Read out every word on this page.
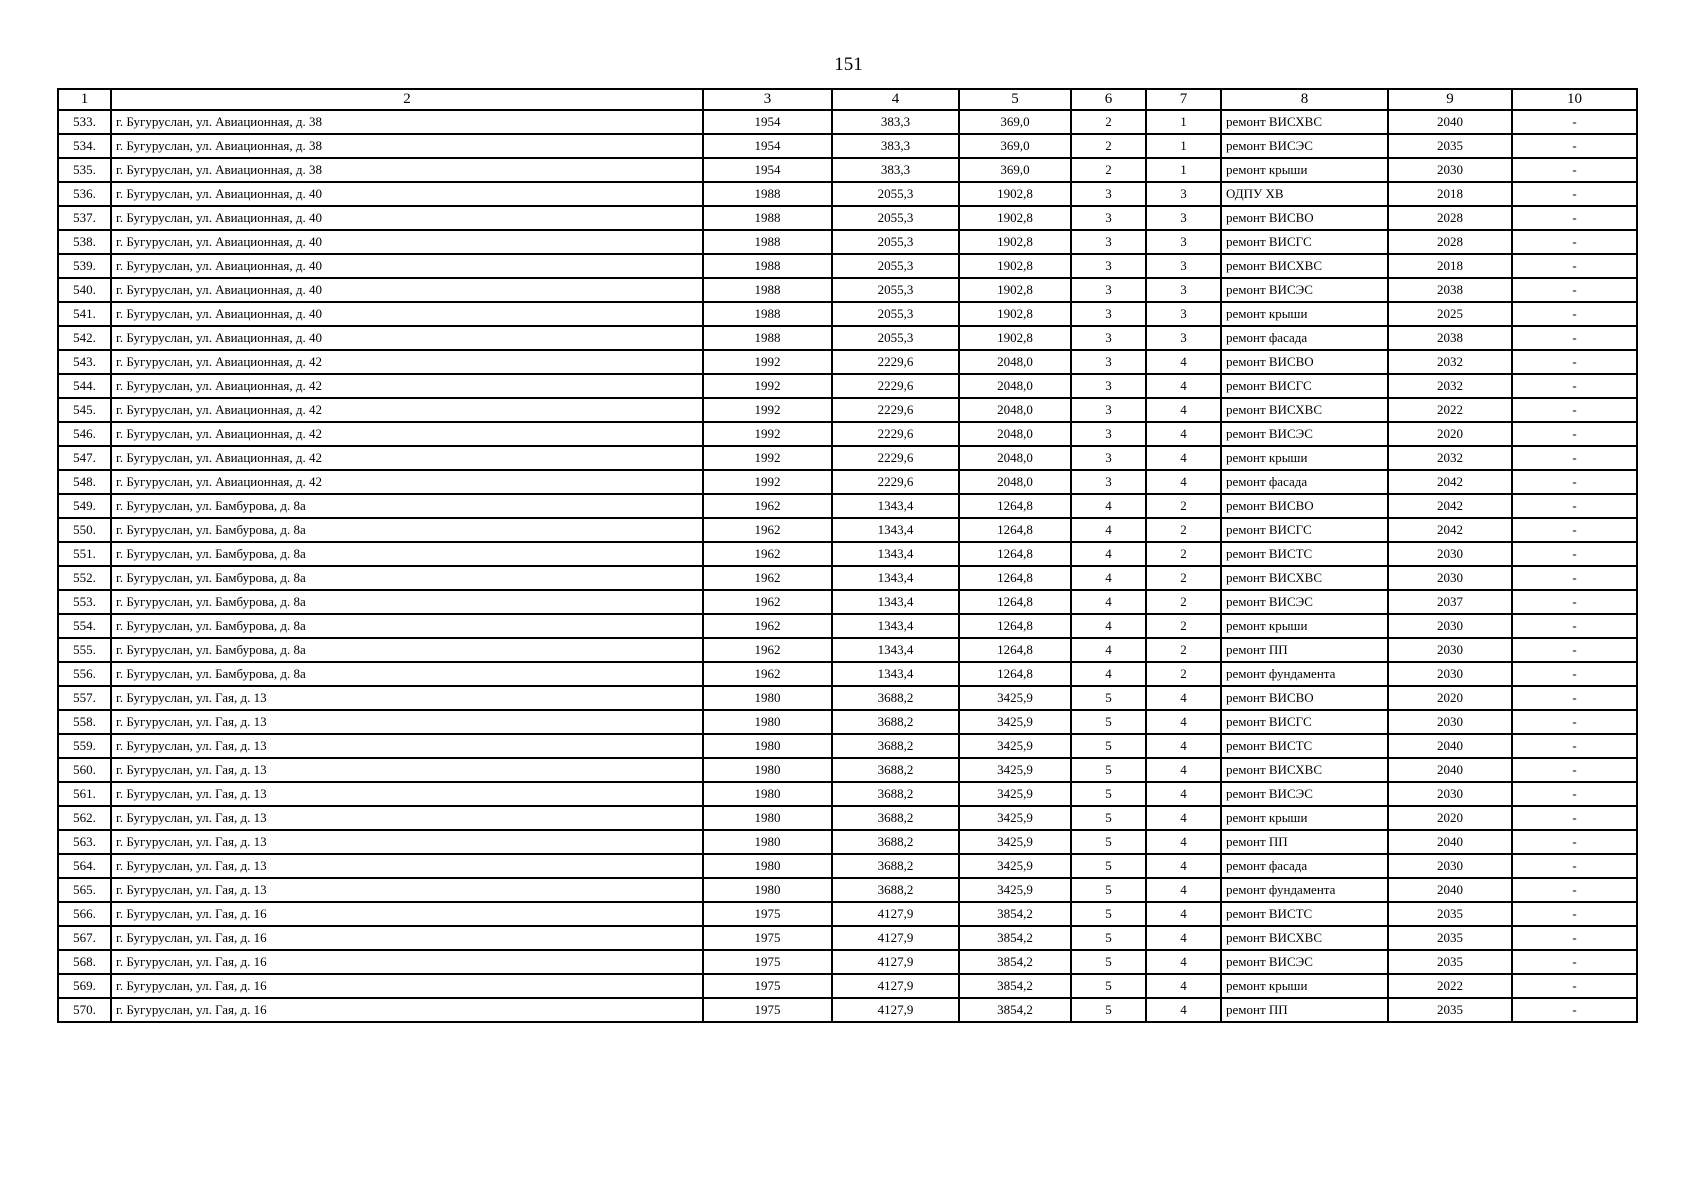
151
1	2	3	4	5	6	7	8	9	10
533.	г. Бугуруслан, ул. Авиационная, д. 38	1954	383,3	369,0	2	1	ремонт ВИСХВС	2040	-
534.	г. Бугуруслан, ул. Авиационная, д. 38	1954	383,3	369,0	2	1	ремонт ВИСЭС	2035	-
535.	г. Бугуруслан, ул. Авиационная, д. 38	1954	383,3	369,0	2	1	ремонт крыши	2030	-
536.	г. Бугуруслан, ул. Авиационная, д. 40	1988	2055,3	1902,8	3	3	ОДПУ ХВ	2018	-
537.	г. Бугуруслан, ул. Авиационная, д. 40	1988	2055,3	1902,8	3	3	ремонт ВИСВО	2028	-
538.	г. Бугуруслан, ул. Авиационная, д. 40	1988	2055,3	1902,8	3	3	ремонт ВИСГС	2028	-
539.	г. Бугуруслан, ул. Авиационная, д. 40	1988	2055,3	1902,8	3	3	ремонт ВИСХВС	2018	-
540.	г. Бугуруслан, ул. Авиационная, д. 40	1988	2055,3	1902,8	3	3	ремонт ВИСЭС	2038	-
541.	г. Бугуруслан, ул. Авиационная, д. 40	1988	2055,3	1902,8	3	3	ремонт крыши	2025	-
542.	г. Бугуруслан, ул. Авиационная, д. 40	1988	2055,3	1902,8	3	3	ремонт фасада	2038	-
543.	г. Бугуруслан, ул. Авиационная, д. 42	1992	2229,6	2048,0	3	4	ремонт ВИСВО	2032	-
544.	г. Бугуруслан, ул. Авиационная, д. 42	1992	2229,6	2048,0	3	4	ремонт ВИСГС	2032	-
545.	г. Бугуруслан, ул. Авиационная, д. 42	1992	2229,6	2048,0	3	4	ремонт ВИСХВС	2022	-
546.	г. Бугуруслан, ул. Авиационная, д. 42	1992	2229,6	2048,0	3	4	ремонт ВИСЭС	2020	-
547.	г. Бугуруслан, ул. Авиационная, д. 42	1992	2229,6	2048,0	3	4	ремонт крыши	2032	-
548.	г. Бугуруслан, ул. Авиационная, д. 42	1992	2229,6	2048,0	3	4	ремонт фасада	2042	-
549.	г. Бугуруслан, ул. Бамбурова, д. 8а	1962	1343,4	1264,8	4	2	ремонт ВИСВО	2042	-
550.	г. Бугуруслан, ул. Бамбурова, д. 8а	1962	1343,4	1264,8	4	2	ремонт ВИСГС	2042	-
551.	г. Бугуруслан, ул. Бамбурова, д. 8а	1962	1343,4	1264,8	4	2	ремонт ВИСТС	2030	-
552.	г. Бугуруслан, ул. Бамбурова, д. 8а	1962	1343,4	1264,8	4	2	ремонт ВИСХВС	2030	-
553.	г. Бугуруслан, ул. Бамбурова, д. 8а	1962	1343,4	1264,8	4	2	ремонт ВИСЭС	2037	-
554.	г. Бугуруслан, ул. Бамбурова, д. 8а	1962	1343,4	1264,8	4	2	ремонт крыши	2030	-
555.	г. Бугуруслан, ул. Бамбурова, д. 8а	1962	1343,4	1264,8	4	2	ремонт ПП	2030	-
556.	г. Бугуруслан, ул. Бамбурова, д. 8а	1962	1343,4	1264,8	4	2	ремонт фундамента	2030	-
557.	г. Бугуруслан, ул. Гая, д. 13	1980	3688,2	3425,9	5	4	ремонт ВИСВО	2020	-
558.	г. Бугуруслан, ул. Гая, д. 13	1980	3688,2	3425,9	5	4	ремонт ВИСГС	2030	-
559.	г. Бугуруслан, ул. Гая, д. 13	1980	3688,2	3425,9	5	4	ремонт ВИСТС	2040	-
560.	г. Бугуруслан, ул. Гая, д. 13	1980	3688,2	3425,9	5	4	ремонт ВИСХВС	2040	-
561.	г. Бугуруслан, ул. Гая, д. 13	1980	3688,2	3425,9	5	4	ремонт ВИСЭС	2030	-
562.	г. Бугуруслан, ул. Гая, д. 13	1980	3688,2	3425,9	5	4	ремонт крыши	2020	-
563.	г. Бугуруслан, ул. Гая, д. 13	1980	3688,2	3425,9	5	4	ремонт ПП	2040	-
564.	г. Бугуруслан, ул. Гая, д. 13	1980	3688,2	3425,9	5	4	ремонт фасада	2030	-
565.	г. Бугуруслан, ул. Гая, д. 13	1980	3688,2	3425,9	5	4	ремонт фундамента	2040	-
566.	г. Бугуруслан, ул. Гая, д. 16	1975	4127,9	3854,2	5	4	ремонт ВИСТС	2035	-
567.	г. Бугуруслан, ул. Гая, д. 16	1975	4127,9	3854,2	5	4	ремонт ВИСХВС	2035	-
568.	г. Бугуруслан, ул. Гая, д. 16	1975	4127,9	3854,2	5	4	ремонт ВИСЭС	2035	-
569.	г. Бугуруслан, ул. Гая, д. 16	1975	4127,9	3854,2	5	4	ремонт крыши	2022	-
570.	г. Бугуруслан, ул. Гая, д. 16	1975	4127,9	3854,2	5	4	ремонт ПП	2035	-
